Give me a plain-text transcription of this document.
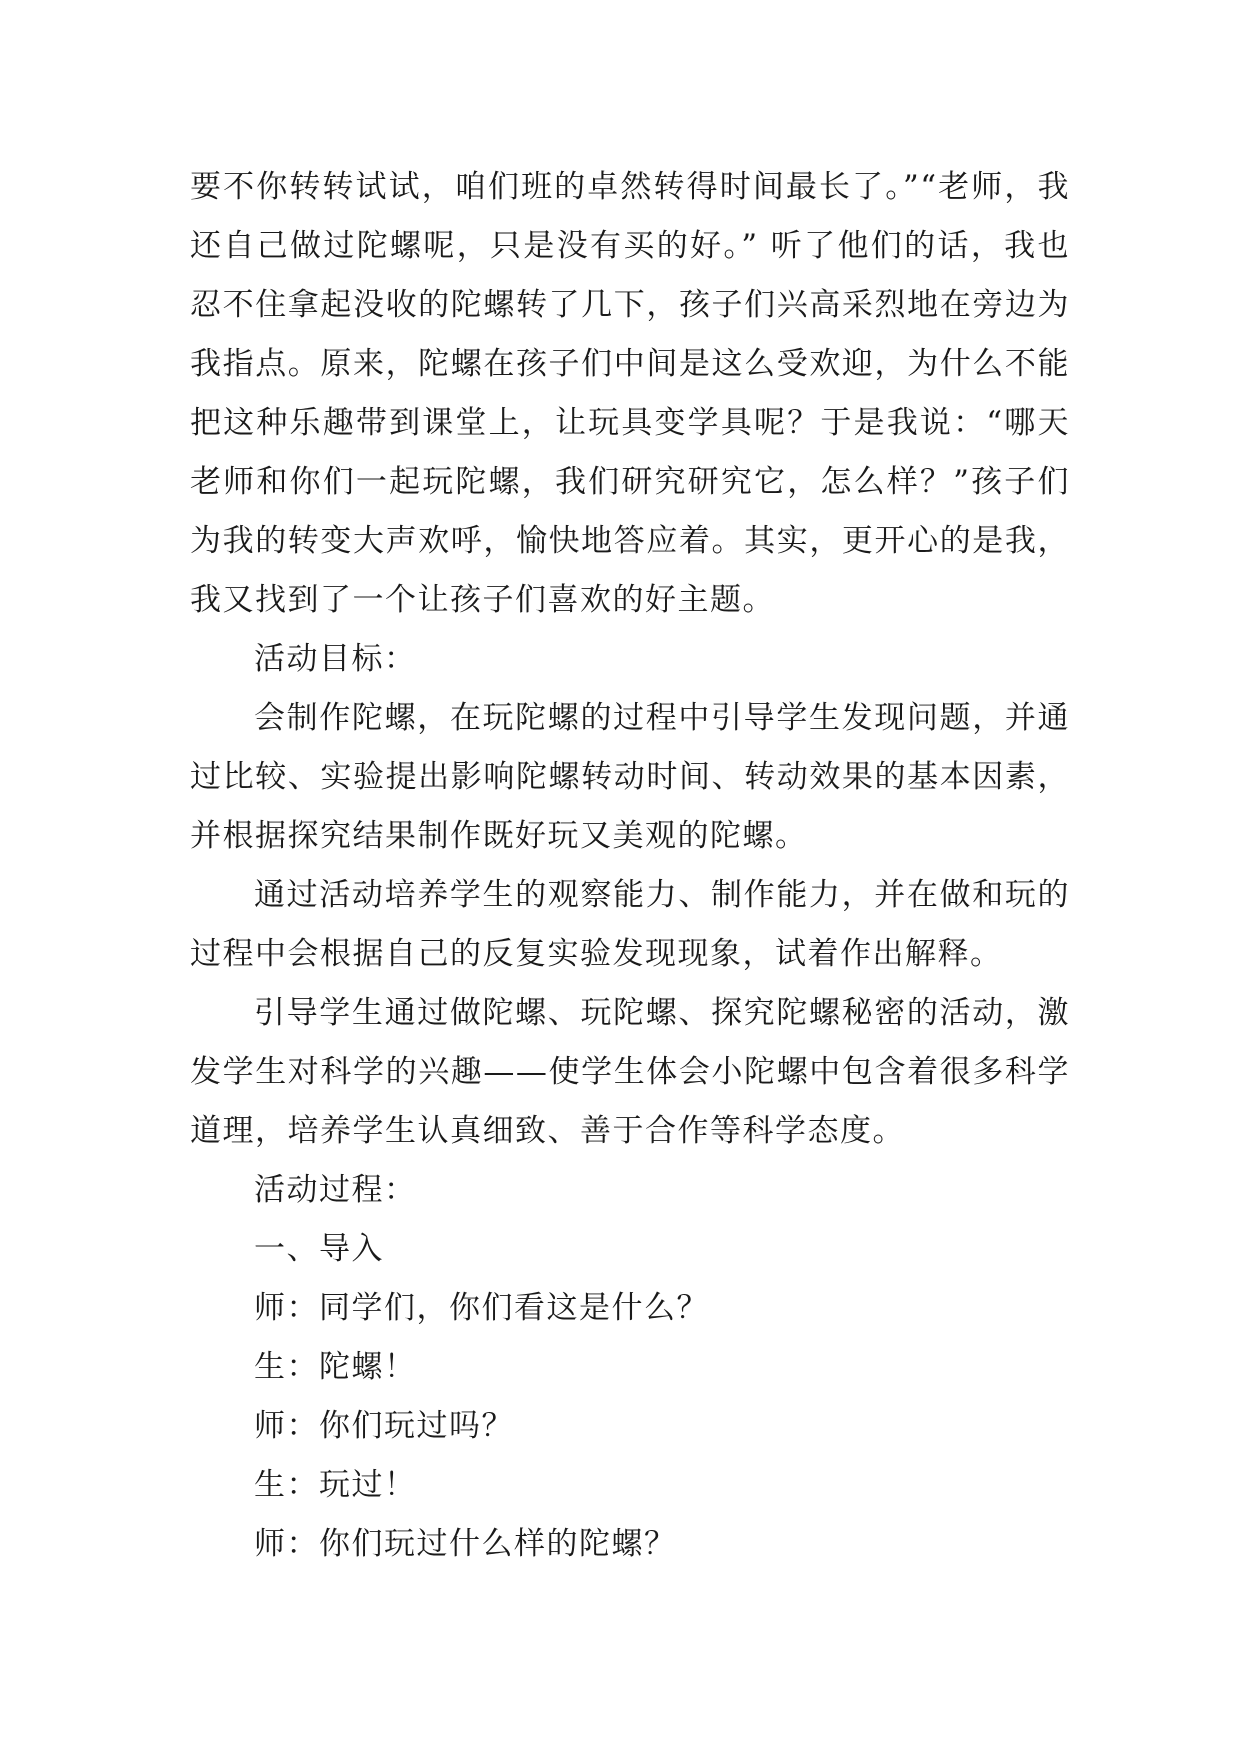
要不你转转试试，咱们班的卓然转得时间最长了。”“老师，我还自己做过陀螺呢，只是没有买的好。” 听了他们的话，我也忍不住拿起没收的陀螺转了几下，孩子们兴高采烈地在旁边为我指点。原来，陀螺在孩子们中间是这么受欢迎，为什么不能把这种乐趣带到课堂上，让玩具变学具呢？于是我说：“哪天老师和你们一起玩陀螺，我们研究研究它，怎么样？”孩子们为我的转变大声欢呼，愉快地答应着。其实，更开心的是我，我又找到了一个让孩子们喜欢的好主题。

活动目标：

会制作陀螺，在玩陀螺的过程中引导学生发现问题，并通过比较、实验提出影响陀螺转动时间、转动效果的基本因素，并根据探究结果制作既好玩又美观的陀螺。

通过活动培养学生的观察能力、制作能力，并在做和玩的过程中会根据自己的反复实验发现现象，试着作出解释。

引导学生通过做陀螺、玩陀螺、探究陀螺秘密的活动，激发学生对科学的兴趣——使学生体会小陀螺中包含着很多科学道理，培养学生认真细致、善于合作等科学态度。

活动过程：

一、导入

师：同学们，你们看这是什么？

生：陀螺！

师：你们玩过吗？

生：玩过！

师：你们玩过什么样的陀螺？
